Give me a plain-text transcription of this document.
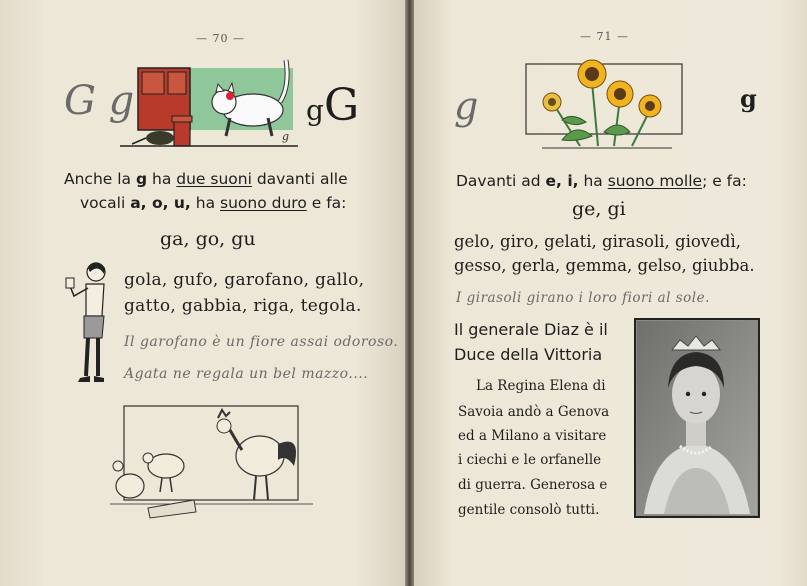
— 70 —
G g
g
g G
Anche la g ha due suoni davanti alle
vocali a, o, u, ha suono duro e fa:
ga, go, gu
gola, gufo, garofano, gallo,
gatto, gabbia, riga, tegola.
Il garofano è un fiore assai odoroso.
Agata ne regala un bel mazzo....
— 71 —
g	g
Davanti ad e, i, ha suono molle; e fa:
ge, gi
gelo, giro, gelati, girasoli, giovedì,
gesso, gerla, gemma, gelso, giubba.
I girasoli girano i loro fiori al sole.
Il generale Diaz è il
Duce della Vittoria
La Regina Elena di
Savoia andò a Genova
ed a Milano a visitare
i ciechi e le orfanelle
di guerra. Generosa e
gentile consolò tutti.
